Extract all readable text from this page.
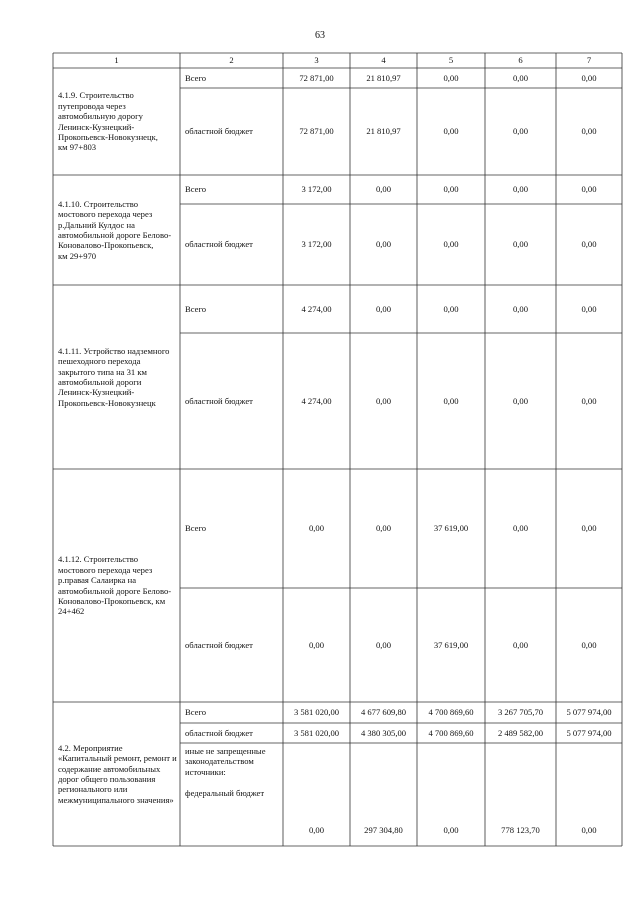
63
1	2	3	4	5	6	7
4.1.9. Строительство путепровода через автомобильную дорогу Ленинск-Кузнецкий-Прокопьевск-Новокузнецк,
км 97+803
Всего	72 871,00	21 810,97	0,00	0,00	0,00
областной бюджет	72 871,00	21 810,97	0,00	0,00	0,00
4.1.10. Строительство мостового перехода через р.Дальний Кулдос на автомобильной дороге Белово-Коновалово-Прокопьевск,
км 29+970
Всего	3 172,00	0,00	0,00	0,00	0,00
областной бюджет	3 172,00	0,00	0,00	0,00	0,00
4.1.11. Устройство надземного пешеходного перехода закрытого типа на 31 км автомобильной дороги Ленинск-Кузнецкий-Прокопьевск-Новокузнецк
Всего	4 274,00	0,00	0,00	0,00	0,00
областной бюджет	4 274,00	0,00	0,00	0,00	0,00
4.1.12. Строительство мостового перехода через р.правая Салаирка на автомобильной дороге Белово-Коновалово-Прокопьевск, км 24+462
Всего	0,00	0,00	37 619,00	0,00	0,00
областной бюджет	0,00	0,00	37 619,00	0,00	0,00
4.2. Мероприятие «Капитальный ремонт, ремонт и содержание автомобильных дорог общего пользования регионального или межмуниципального значения»
Всего	3 581 020,00	4 677 609,80	4 700 869,60	3 267 705,70	5 077 974,00
областной бюджет	3 581 020,00	4 380 305,00	4 700 869,60	2 489 582,00	5 077 974,00
иные не запрещенные законодательством источники:

федеральный бюджет
0,00	297 304,80	0,00	778 123,70	0,00
